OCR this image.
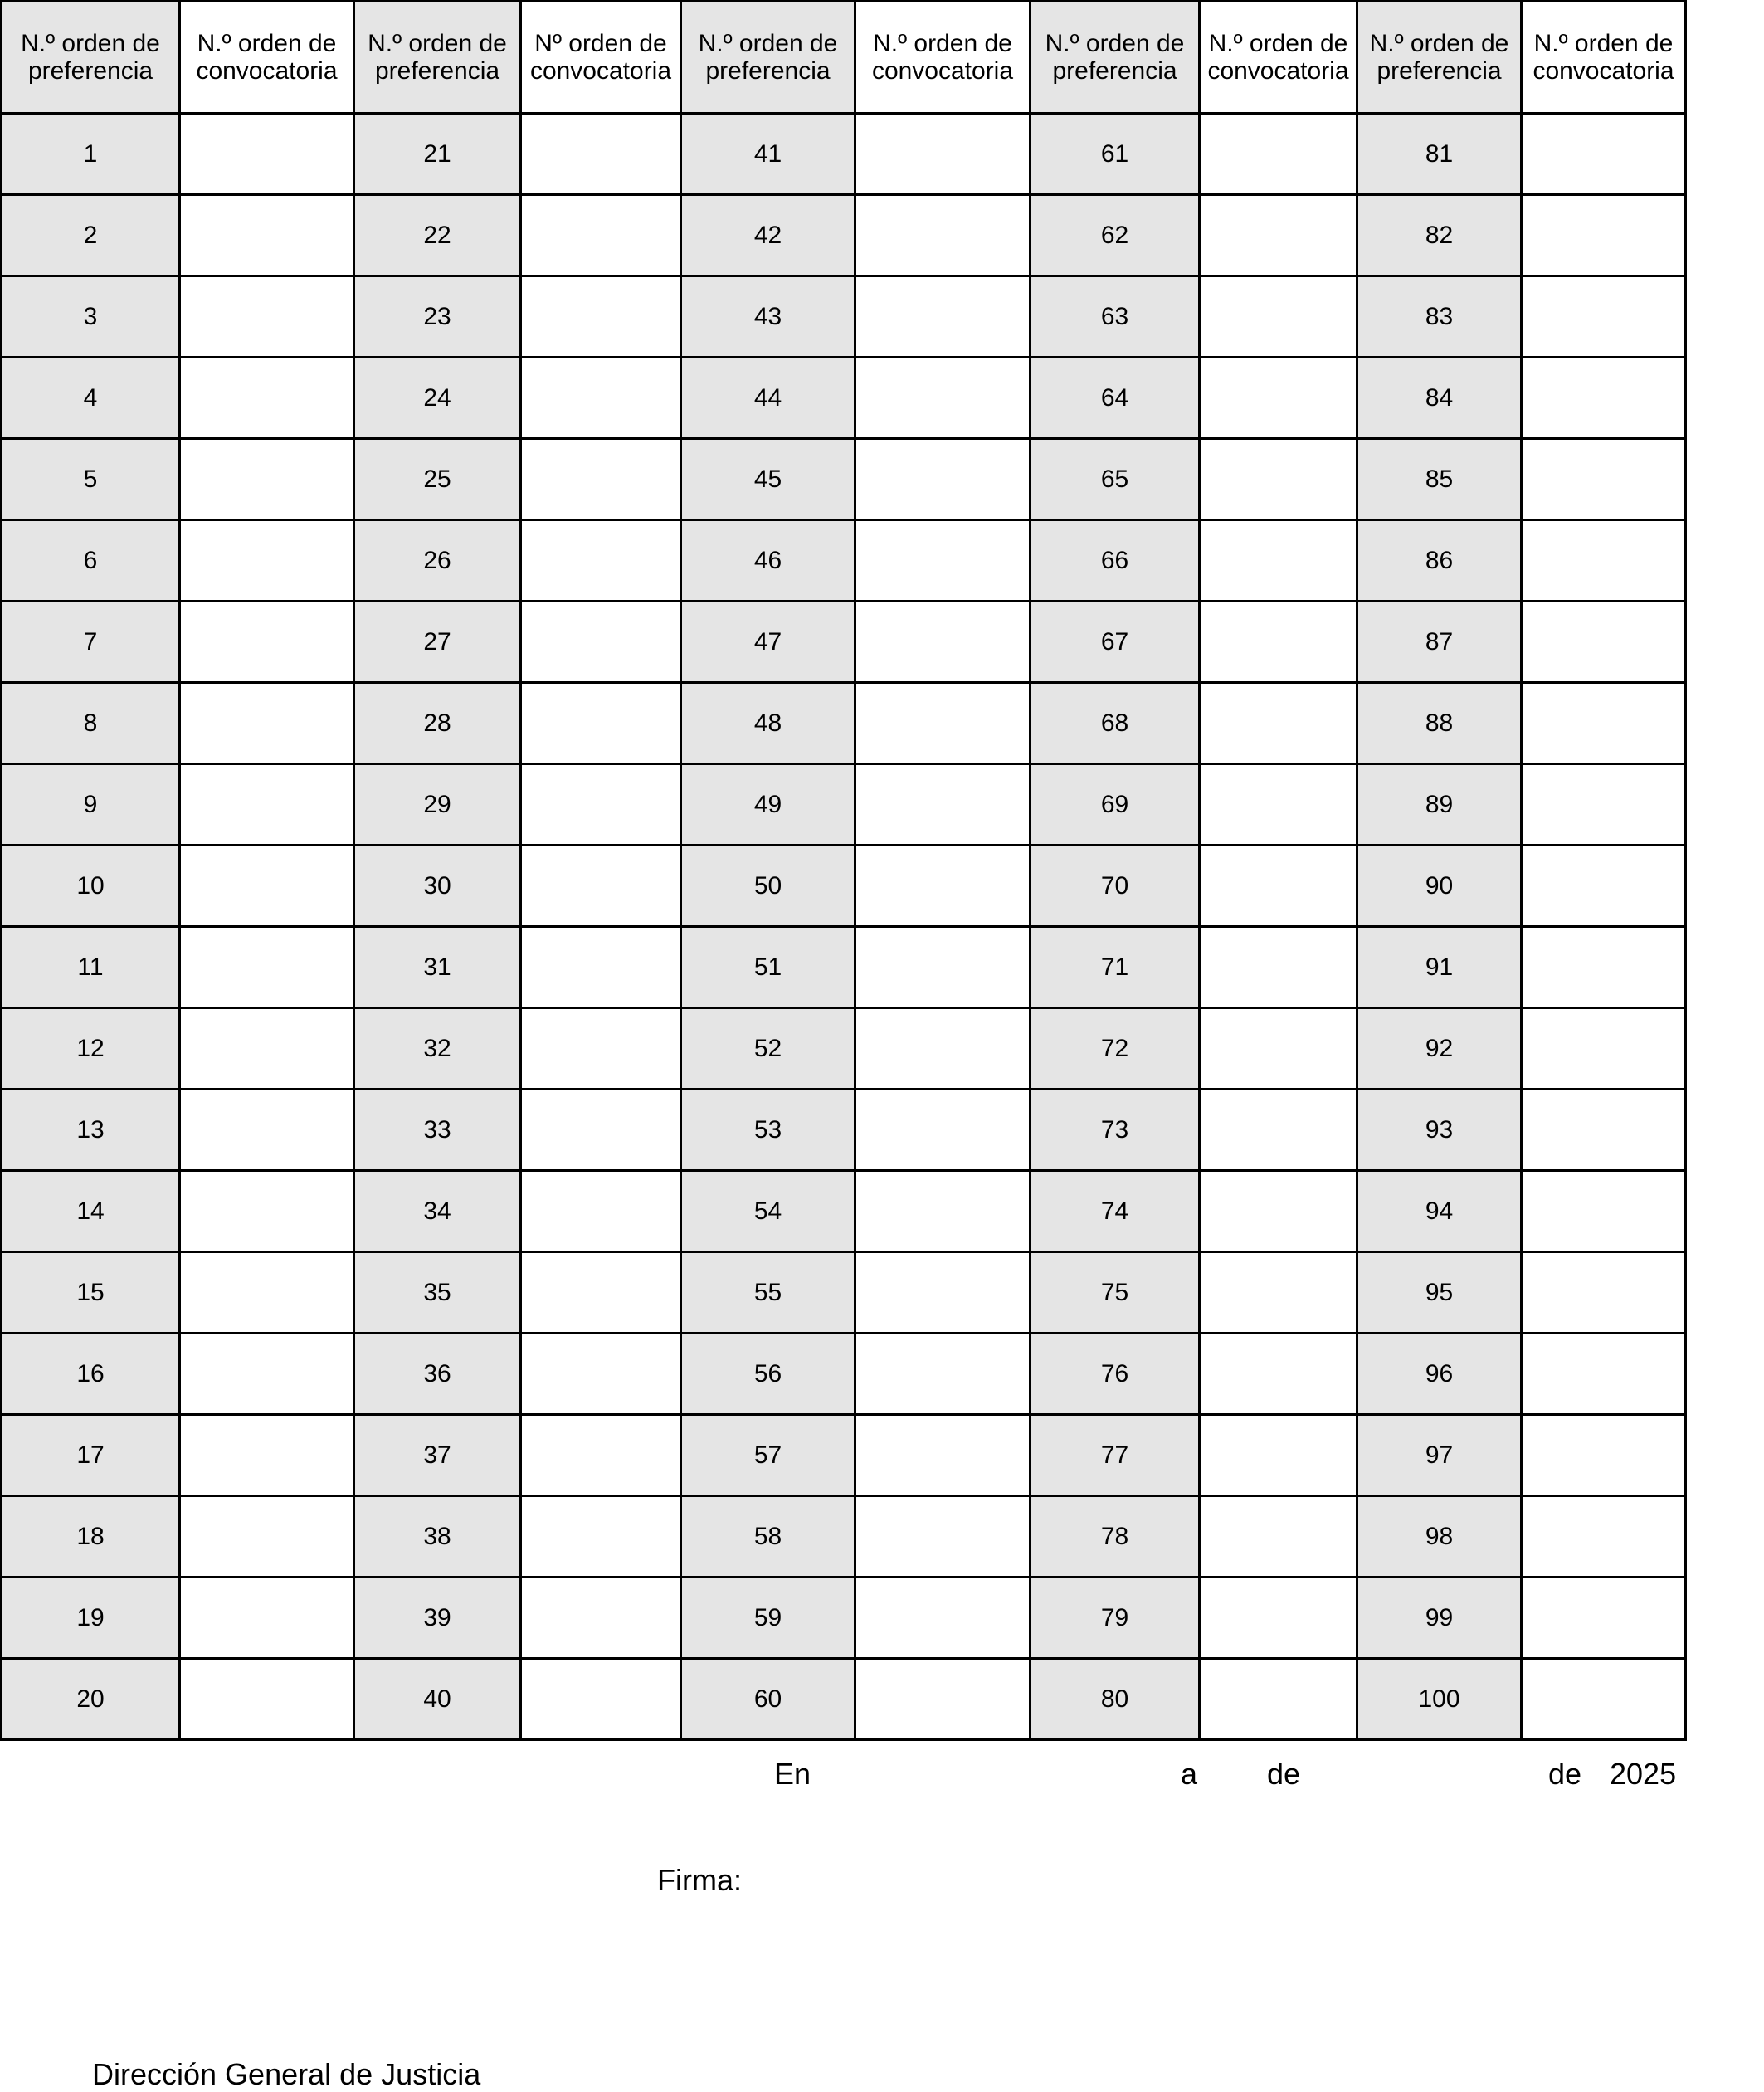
N.º orden de preferencia	N.º orden de convocatoria	N.º orden de preferencia	Nº orden de convocatoria	N.º orden de preferencia	N.º orden de convocatoria	N.º orden de preferencia	N.º orden de convocatoria	N.º orden de preferencia	N.º orden de convocatoria
1		21		41		61		81	
2		22		42		62		82	
3		23		43		63		83	
4		24		44		64		84	
5		25		45		65		85	
6		26		46		66		86	
7		27		47		67		87	
8		28		48		68		88	
9		29		49		69		89	
10		30		50		70		90	
11		31		51		71		91	
12		32		52		72		92	
13		33		53		73		93	
14		34		54		74		94	
15		35		55		75		95	
16		36		56		76		96	
17		37		57		77		97	
18		38		58		78		98	
19		39		59		79		99	
20		40		60		80		100	
En	a de	de 2025
Firma:
Dirección General de Justicia
